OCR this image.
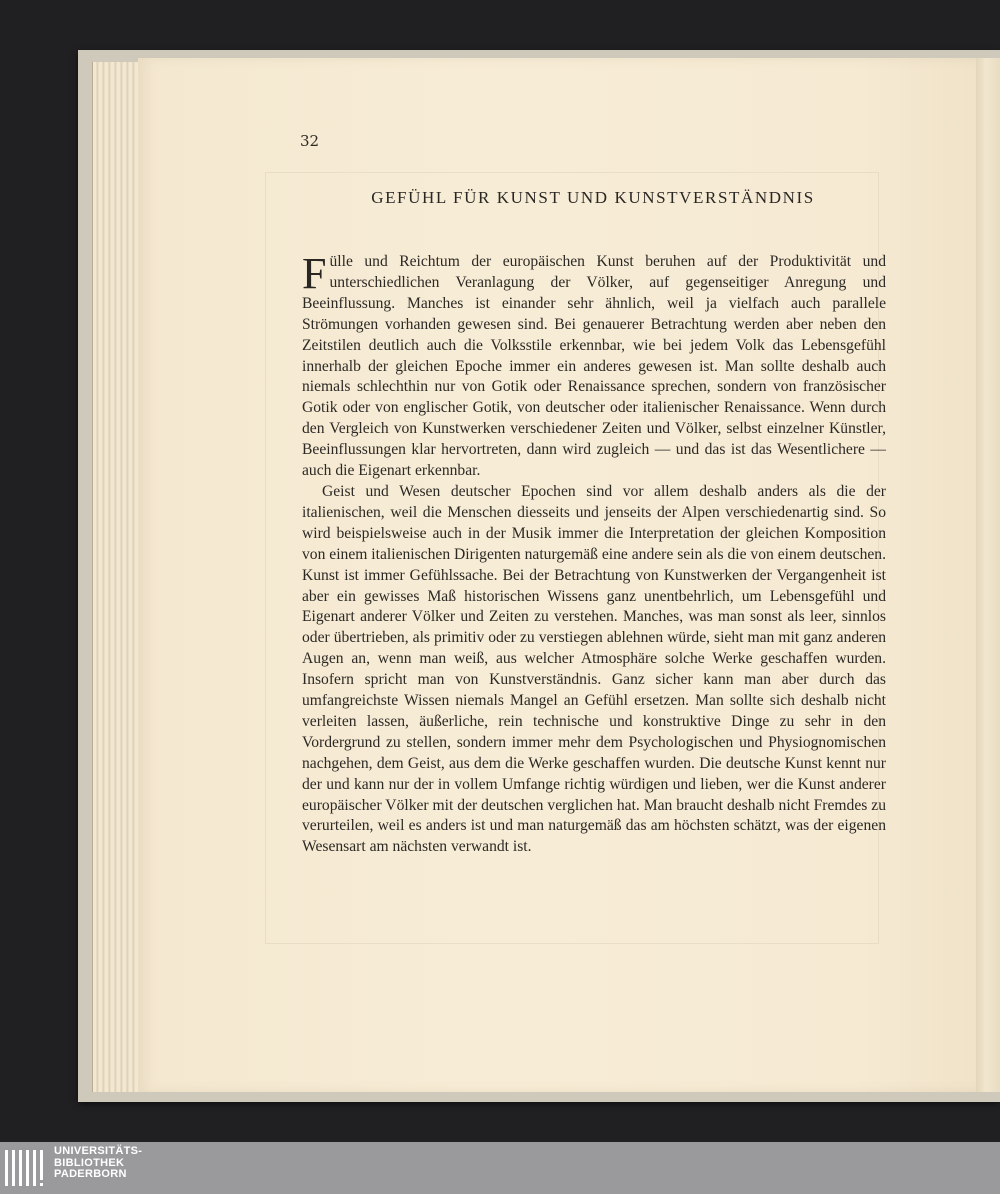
32
GEFÜHL FÜR KUNST UND KUNSTVERSTÄNDNIS

Fülle und Reichtum der europäischen Kunst beruhen auf der Produktivität und unterschiedlichen Veranlagung der Völker, auf gegenseitiger Anregung und Beeinflussung. Manches ist einander sehr ähnlich, weil ja vielfach auch parallele Strömungen vorhanden gewesen sind. Bei genauerer Betrachtung werden aber neben den Zeitstilen deutlich auch die Volksstile erkennbar, wie bei jedem Volk das Lebensgefühl innerhalb der gleichen Epoche immer ein anderes gewesen ist. Man sollte deshalb auch niemals schlechthin nur von Gotik oder Renaissance sprechen, sondern von französischer Gotik oder von englischer Gotik, von deutscher oder italienischer Renaissance. Wenn durch den Vergleich von Kunstwerken verschiedener Zeiten und Völker, selbst einzelner Künstler, Beeinflussungen klar hervortreten, dann wird zugleich — und das ist das Wesentlichere — auch die Eigenart erkennbar.

Geist und Wesen deutscher Epochen sind vor allem deshalb anders als die der italienischen, weil die Menschen diesseits und jenseits der Alpen verschiedenartig sind. So wird beispielsweise auch in der Musik immer die Interpretation der gleichen Komposition von einem italienischen Dirigenten naturgemäß eine andere sein als die von einem deutschen. Kunst ist immer Gefühlssache. Bei der Betrachtung von Kunstwerken der Vergangenheit ist aber ein gewisses Maß historischen Wissens ganz unentbehrlich, um Lebensgefühl und Eigenart anderer Völker und Zeiten zu verstehen. Manches, was man sonst als leer, sinnlos oder übertrieben, als primitiv oder zu verstiegen ablehnen würde, sieht man mit ganz anderen Augen an, wenn man weiß, aus welcher Atmosphäre solche Werke geschaffen wurden. Insofern spricht man von Kunstverständnis. Ganz sicher kann man aber durch das umfangreichste Wissen niemals Mangel an Gefühl ersetzen. Man sollte sich deshalb nicht verleiten lassen, äußerliche, rein technische und konstruktive Dinge zu sehr in den Vordergrund zu stellen, sondern immer mehr dem Psychologischen und Physiognomischen nachgehen, dem Geist, aus dem die Werke geschaffen wurden. Die deutsche Kunst kennt nur der und kann nur der in vollem Umfange richtig würdigen und lieben, wer die Kunst anderer europäischer Völker mit der deutschen verglichen hat. Man braucht deshalb nicht Fremdes zu verurteilen, weil es anders ist und man naturgemäß das am höchsten schätzt, was der eigenen Wesensart am nächsten verwandt ist.

UNIVERSITÄTS-
BIBLIOTHEK
PADERBORN
